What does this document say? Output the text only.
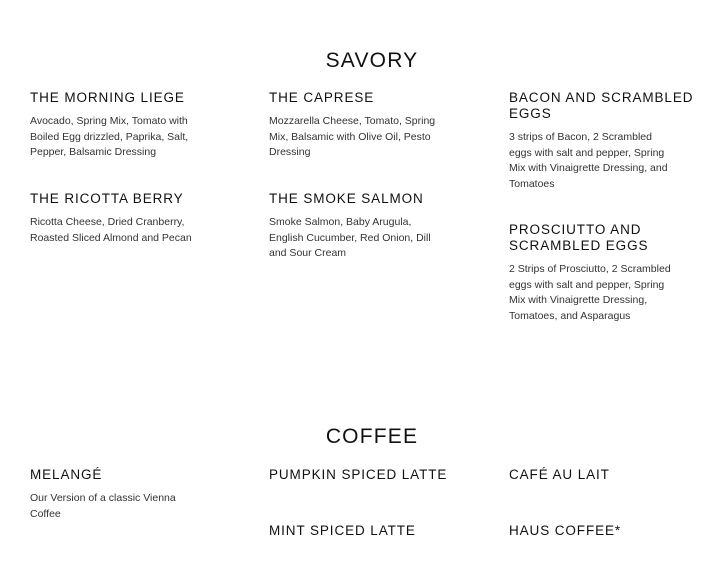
SAVORY
THE MORNING LIEGE

Avocado, Spring Mix, Tomato with Boiled Egg drizzled, Paprika, Salt, Pepper, Balsamic Dressing

THE CAPRESE

Mozzarella Cheese, Tomato, Spring Mix, Balsamic with Olive Oil, Pesto Dressing

BACON AND SCRAMBLED EGGS

3 strips of Bacon, 2 Scrambled eggs with salt and pepper, Spring Mix with Vinaigrette Dressing, and Tomatoes

THE RICOTTA BERRY

Ricotta Cheese, Dried Cranberry, Roasted Sliced Almond and Pecan

THE SMOKE SALMON

Smoke Salmon, Baby Arugula, English Cucumber, Red Onion, Dill and Sour Cream

PROSCIUTTO AND SCRAMBLED EGGS

2 Strips of Prosciutto, 2 Scrambled eggs with salt and pepper, Spring Mix with Vinaigrette Dressing, Tomatoes, and Asparagus

COFFEE
MELANGÉ

Our Version of a classic Vienna Coffee

PUMPKIN SPICED LATTE	CAFÉ AU LAIT
MINT SPICED LATTE	HAUS COFFEE*
